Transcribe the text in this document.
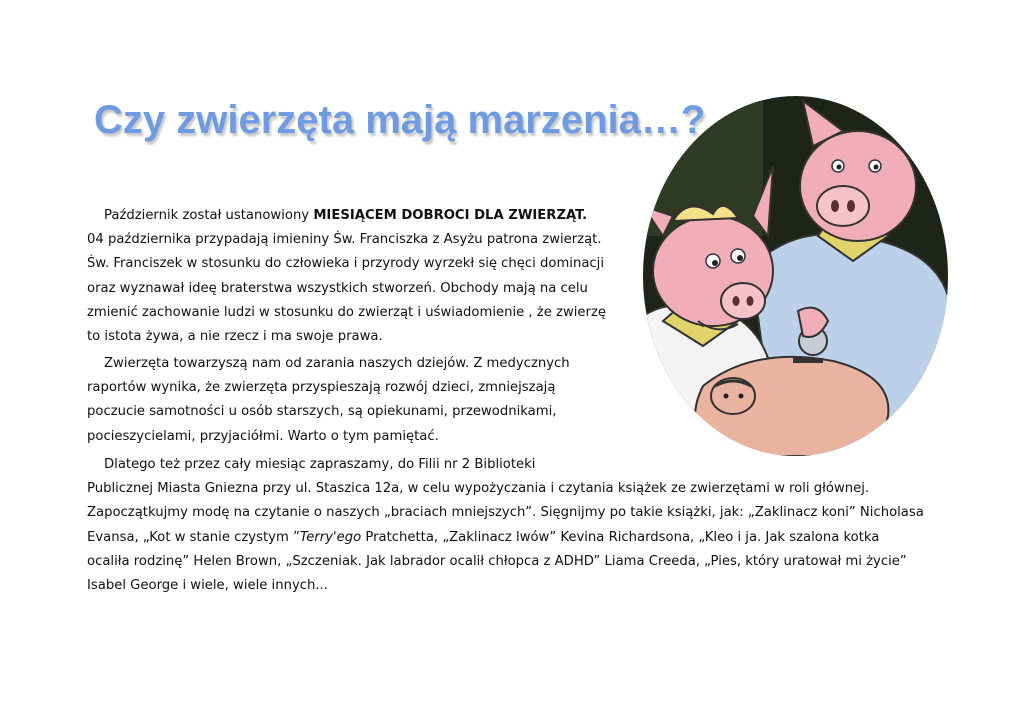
Czy zwierzęta mają marzenia…?
Październik został ustanowiony MIESIĄCEM DOBROCI DLA ZWIERZĄT.
04 października przypadają imieniny Św. Franciszka z Asyżu patrona zwierząt.
Św. Franciszek w stosunku do człowieka i przyrody wyrzekł się chęci dominacji
oraz wyznawał ideę braterstwa wszystkich stworzeń. Obchody mają na celu
zmienić zachowanie ludzi w stosunku do zwierząt i uświadomienie , że zwierzę
to istota żywa, a nie rzecz i ma swoje prawa.
Zwierzęta towarzyszą nam od zarania naszych dziejów. Z medycznych
raportów wynika, że zwierzęta przyspieszają rozwój dzieci, zmniejszają
poczucie samotności u osób starszych, są opiekunami, przewodnikami,
pocieszycielami, przyjaciółmi. Warto o tym pamiętać.
Dlatego też przez cały miesiąc zapraszamy, do Filii nr 2 Biblioteki
Publicznej Miasta Gniezna przy ul. Staszica 12a, w celu wypożyczania i czytania książek ze zwierzętami w roli głównej.
Zapoczątkujmy modę na czytanie o naszych „braciach mniejszych”. Sięgnijmy po takie książki, jak: „Zaklinacz koni” Nicholasa
Evansa, „Kot w stanie czystym ”Terry'ego Pratchetta, „Zaklinacz lwów” Kevina Richardsona, „Kleo i ja. Jak szalona kotka
ocaliła rodzinę” Helen Brown, „Szczeniak. Jak labrador ocalił chłopca z ADHD” Liama Creeda, „Pies, który uratował mi życie”
Isabel George i wiele, wiele innych...
